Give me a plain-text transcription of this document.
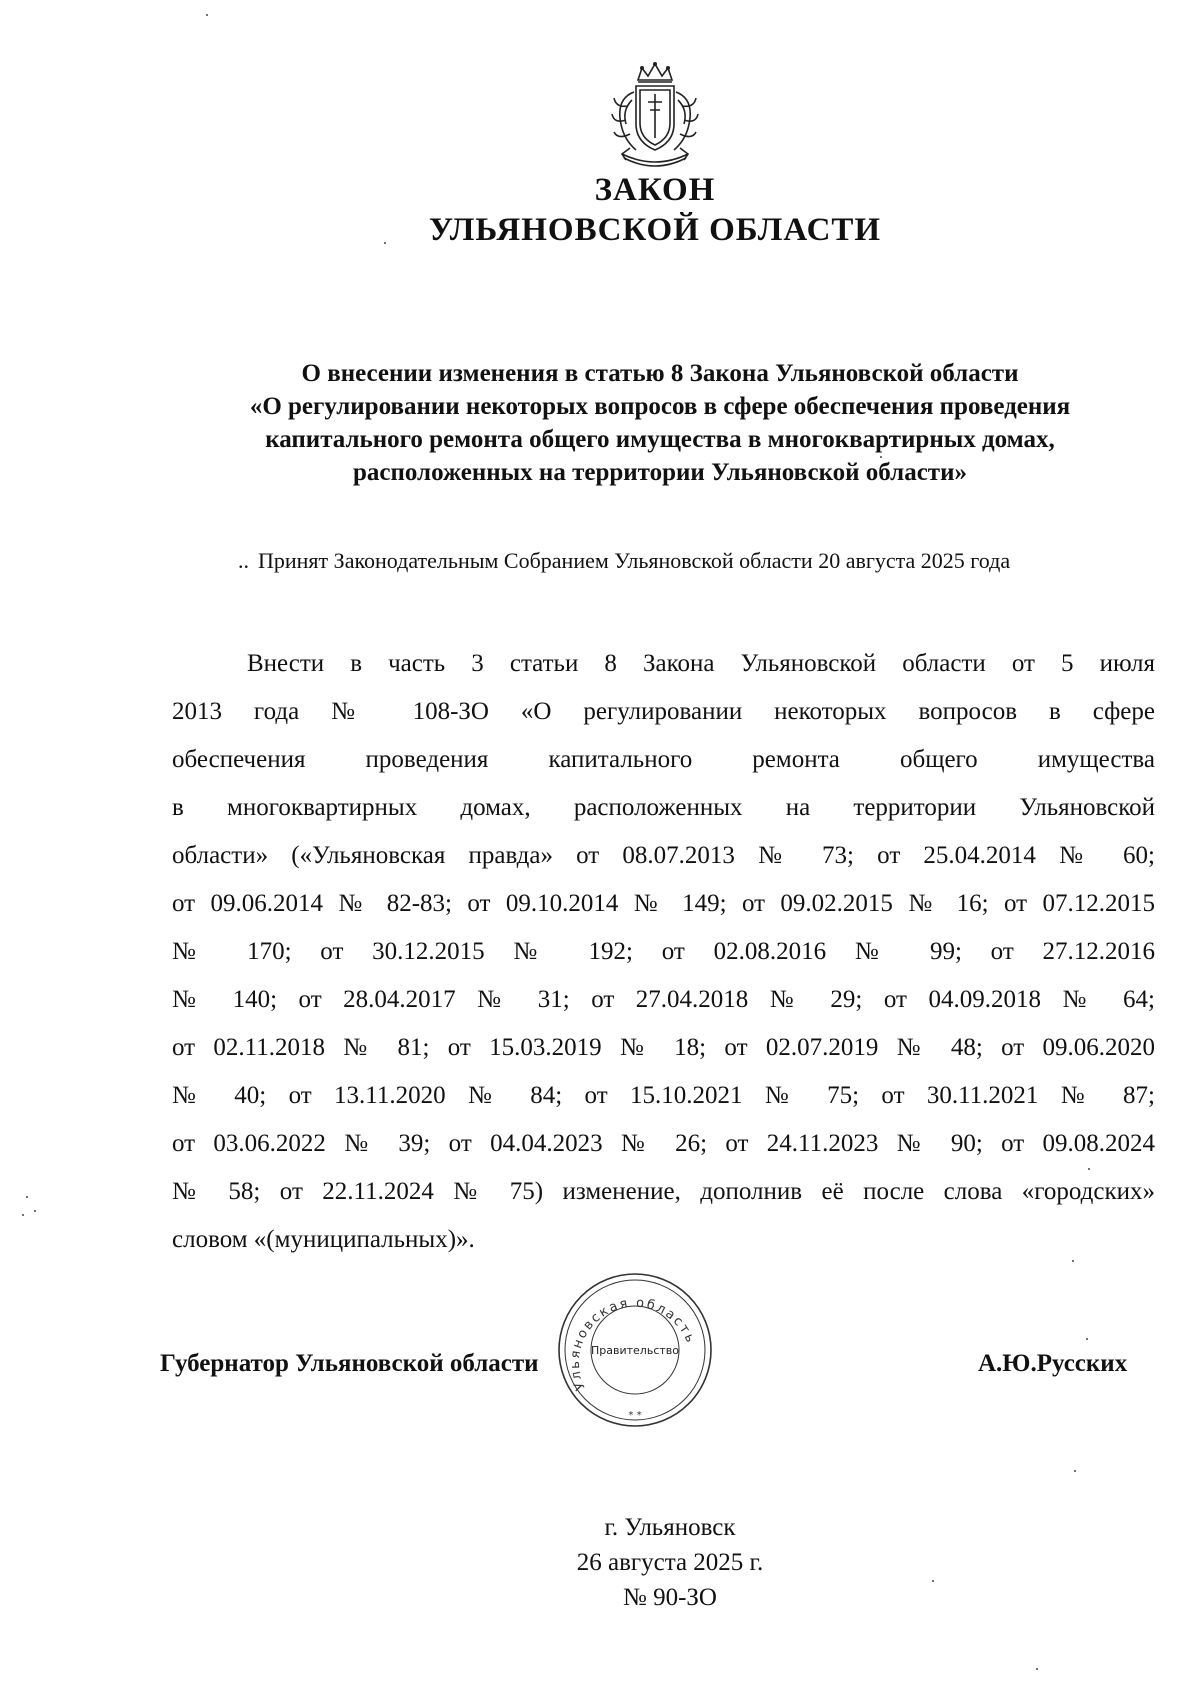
ЗАКОН
УЛЬЯНОВСКОЙ ОБЛАСТИ
О внесении изменения в статью 8 Закона Ульяновской области
«О регулировании некоторых вопросов в сфере обеспечения проведения
капитального ремонта общего имущества в многоквартирных домах,
расположенных на территории Ульяновской области»
.. Принят Законодательным Собранием Ульяновской области 20 августа 2025 года
Внести в часть 3 статьи 8 Закона Ульяновской области от 5 июля
2013 года № 108-ЗО «О регулировании некоторых вопросов в сфере
обеспечения проведения капитального ремонта общего имущества
в многоквартирных домах, расположенных на территории Ульяновской
области» («Ульяновская правда» от 08.07.2013 № 73; от 25.04.2014 № 60;
от 09.06.2014 № 82-83; от 09.10.2014 № 149; от 09.02.2015 № 16; от 07.12.2015
№ 170; от 30.12.2015 № 192; от 02.08.2016 № 99; от 27.12.2016
№ 140; от 28.04.2017 № 31; от 27.04.2018 № 29; от 04.09.2018 № 64;
от 02.11.2018 № 81; от 15.03.2019 № 18; от 02.07.2019 № 48; от 09.06.2020
№ 40; от 13.11.2020 № 84; от 15.10.2021 № 75; от 30.11.2021 № 87;
от 03.06.2022 № 39; от 04.04.2023 № 26; от 24.11.2023 № 90; от 09.08.2024
№ 58; от 22.11.2024 № 75) изменение, дополнив её после слова «городских»
словом «(муниципальных)».
Губернатор Ульяновской области	А.Ю.Русских
Ульяновская область
Правительство
* *
г. Ульяновск
26 августа 2025 г.
№ 90-ЗО
